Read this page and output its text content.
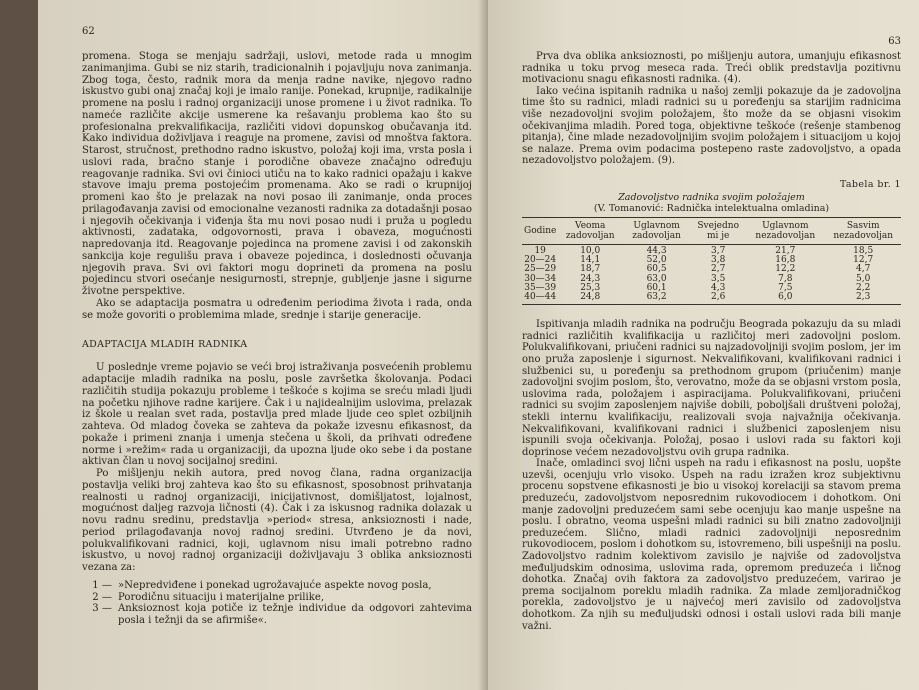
62

promena. Stoga se menjaju sadržaji, uslovi, metode rada u mnogim zanimanjima. Gubi se niz starih, tradicionalnih i pojavljuju nova zanimanja. Zbog toga, često, radnik mora da menja radne navike, njegovo radno iskustvo gubi onaj značaj koji je imalo ranije. Ponekad, krupnije, radikalnije promene na poslu i radnoj organizaciji unose promene i u život radnika. To nameće različite akcije usmerene ka rešavanju problema kao što su profesionalna prekvalifikacija, različiti vidovi dopunskog obučavanja itd. Kako individua doživljava i reaguje na promene, zavisi od mnoštva faktora. Starost, stručnost, prethodno radno iskustvo, položaj koji ima, vrsta posla i uslovi rada, bračno stanje i porodične obaveze značajno određuju reagovanje radnika. Svi ovi činioci utiču na to kako radnici opažaju i kakve stavove imaju prema postojećim promenama. Ako se radi o krupnijoj promeni kao što je prelazak na novi posao ili zanimanje, onda proces prilagođavanja zavisi od emocionalne vezanosti radnika za dotadašnji posao i njegovih očekivanja i viđenja šta mu novi posao nudi i pruža u pogledu aktivnosti, zadataka, odgovornosti, prava i obaveza, mogućnosti napredovanja itd. Reagovanje pojedinca na promene zavisi i od zakonskih sankcija koje regulišu prava i obaveze pojedinca, i doslednosti očuvanja njegovih prava. Svi ovi faktori mogu doprineti da promena na poslu pojedincu stvori osećanje nesigurnosti, strepnje, gubljenje jasne i sigurne životne perspektive.

Ako se adaptacija posmatra u određenim periodima života i rada, onda se može govoriti o problemima mlade, srednje i starije generacije.

ADAPTACIJA MLADIH RADNIKA

U poslednje vreme pojavio se veći broj istraživanja posvećenih problemu adaptacije mladih radnika na poslu, posle završetka školovanja. Podaci različitih studija pokazuju probleme i teškoće s kojima se sreću mladi ljudi na početku njihove radne karijere. Čak i u najidealnijim uslovima, prelazak iz škole u realan svet rada, postavlja pred mlade ljude ceo splet ozbiljnih zahteva. Od mladog čoveka se zahteva da pokaže izvesnu efikasnost, da pokaže i primeni znanja i umenja stečena u školi, da prihvati određene norme i »režim« rada u organizaciji, da upozna ljude oko sebe i da postane aktivan član u novoj socijalnoj sredini.

Po mišljenju nekih autora, pred novog člana, radna organizacija postavlja veliki broj zahteva kao što su efikasnost, sposobnost prihvatanja realnosti u radnoj organizaciji, inicijativnost, domišljatost, lojalnost, mogućnost daljeg razvoja ličnosti (4). Čak i za iskusnog radnika dolazak u novu radnu sredinu, predstavlja »period« stresa, anksioznosti i nade, period prilagođavanja novoj radnoj sredini. Utvrđeno je da novi, polukvalifikovani radnici, koji, uglavnom nisu imali potrebno radno iskustvo, u novoj radnoj organizaciji doživljavaju 3 oblika anksioznosti vezana za:

1 — »Nepredviđene i ponekad ugrožavajuće aspekte novog posla,
2 — Porodičnu situaciju i materijalne prilike,
3 — Anksioznost koja potiče iz težnje individue da odgovori zahtevima posla i težnji da se afirmiše«.
63

Prva dva oblika anksioznosti, po mišljenju autora, umanjuju efikasnost radnika u toku prvog mesеca rada. Treći oblik predstavlja pozitivnu motivacionu snagu efikasnosti radnika. (4).

Iako većina ispitanih radnika u našoj zemlji pokazuje da je zadovoljna time što su radnici, mladi radnici su u poređenju sa starijim radnicima više nezadovoljni svojim položajem, što može da se objasni visokim očekivanjima mladih. Pored toga, objektivne teškoće (rešenje stambenog pitanja), čine mlade nezadovoljnijim svojim položajem i situacijom u kojoj se nalaze. Prema ovim podacima postepeno raste zadovoljstvo, a opada nezadovoljstvo položajem. (9).

Tabela br. 1

Zadovoljstvo radnika svojim položajem

(V. Tomanović: Radnička intelektualna omladina)

Godine	Veoma zadovoljan	Uglavnom zadovoljan	Svejedno mi je	Uglavnom nezadovoljan	Sasvim nezadovoljan
19	10,0	44,3	3,7	21,7	18,5
20—24	14,1	52,0	3,8	16,8	12,7
25—29	18,7	60,5	2,7	12,2	4,7
30—34	24,3	63,0	3,5	7,8	5,0
35—39	25,3	60,1	4,3	7,5	2,2
40—44	24,8	63,2	2,6	6,0	2,3

Ispitivanja mladih radnika na području Beograda pokazuju da su mladi radnici različitih kvalifikacija u različitoj meri zadovoljni poslom. Polukvalifikovani, priučeni radnici su najzadovoljniji svojim poslom, jer im ono pruža zaposlenje i sigurnost. Nekvalifikovani, kvalifikovani radnici i službenici su, u poređenju sa prethodnom grupom (priučenim) manje zadovoljni svojim poslom, što, verovatno, može da se objasni vrstom posla, uslovima rada, položajem i aspiracijama. Polukvalifikovani, priučeni radnici su svojim zaposlenjem najviše dobili, poboljšali društveni položaj, stekli internu kvalifikaciju, realizovali svoja najvažnija očekivanja. Nekvalifikovani, kvalifikovani radnici i službenici zaposlenjem nisu ispunili svoja očekivanja. Položaj, posao i uslovi rada su faktori koji doprinose većem nezadovoljstvu ovih grupa radnika.

Inače, omladinci svoj lični uspeh na radu i efikasnost na poslu, uopšte uzevši, ocenjuju vrlo visoko. Uspeh na radu izražen kroz subjektivnu procenu sopstvene efikasnosti je bio u visokoj korelaciji sa stavom prema preduzeću, zadovoljstvom neposrednim rukovodiocem i dohotkom. Oni manje zadovoljni preduzećem sami sebe ocenjuju kao manje uspešne na poslu. I obratno, veoma uspešni mladi radnici su bili znatno zadovoljniji preduzećem. Slično, mladi radnici zadovoljniji neposrednim rukovodiocem, poslom i dohotkom su, istovremeno, bili uspešniji na poslu. Zadovoljstvo radnim kolektivom zavisilo je najviše od zadovoljstva međuljudskim odnosima, uslovima rada, opremom preduzeća i ličnog dohotka. Značaj ovih faktora za zadovoljstvo preduzećem, varirao je prema socijalnom poreklu mladih radnika. Za mlade zemljoradničkog porekla, zadovoljstvo je u najvećoj meri zavisilo od zadovoljstva dohotkom. Za njih su međuljudski odnosi i ostali uslovi rada bili manje važni.
